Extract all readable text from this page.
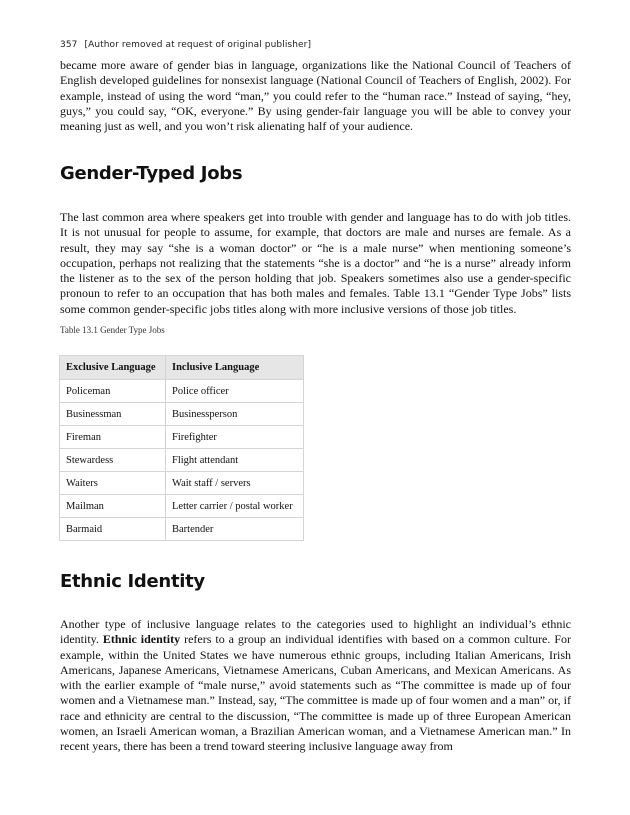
357 [Author removed at request of original publisher]

became more aware of gender bias in language, organizations like the National Council of Teachers of English developed guidelines for nonsexist language (National Council of Teachers of English, 2002). For example, instead of using the word “man,” you could refer to the “human race.” Instead of saying, “hey, guys,” you could say, “OK, everyone.” By using gender-fair language you will be able to convey your meaning just as well, and you won’t risk alienating half of your audience.

Gender-Typed Jobs

The last common area where speakers get into trouble with gender and language has to do with job titles. It is not unusual for people to assume, for example, that doctors are male and nurses are female. As a result, they may say “she is a woman doctor” or “he is a male nurse” when mentioning someone’s occupation, perhaps not realizing that the statements “she is a doctor” and “he is a nurse” already inform the listener as to the sex of the person holding that job. Speakers sometimes also use a gender-specific pronoun to refer to an occupation that has both males and females. Table 13.1 “Gender Type Jobs” lists some common gender-specific jobs titles along with more inclusive versions of those job titles.

Table 13.1 Gender Type Jobs
Exclusive Language	Inclusive Language
Policeman	Police officer
Businessman	Businessperson
Fireman	Firefighter
Stewardess	Flight attendant
Waiters	Wait staff / servers
Mailman	Letter carrier / postal worker
Barmaid	Bartender
Ethnic Identity

Another type of inclusive language relates to the categories used to highlight an individual’s ethnic identity. Ethnic identity refers to a group an individual identifies with based on a common culture. For example, within the United States we have numerous ethnic groups, including Italian Americans, Irish Americans, Japanese Americans, Vietnamese Americans, Cuban Americans, and Mexican Americans. As with the earlier example of “male nurse,” avoid statements such as “The committee is made up of four women and a Vietnamese man.” Instead, say, “The committee is made up of four women and a man” or, if race and ethnicity are central to the discussion, “The committee is made up of three European American women, an Israeli American woman, a Brazilian American woman, and a Vietnamese American man.” In recent years, there has been a trend toward steering inclusive language away from
